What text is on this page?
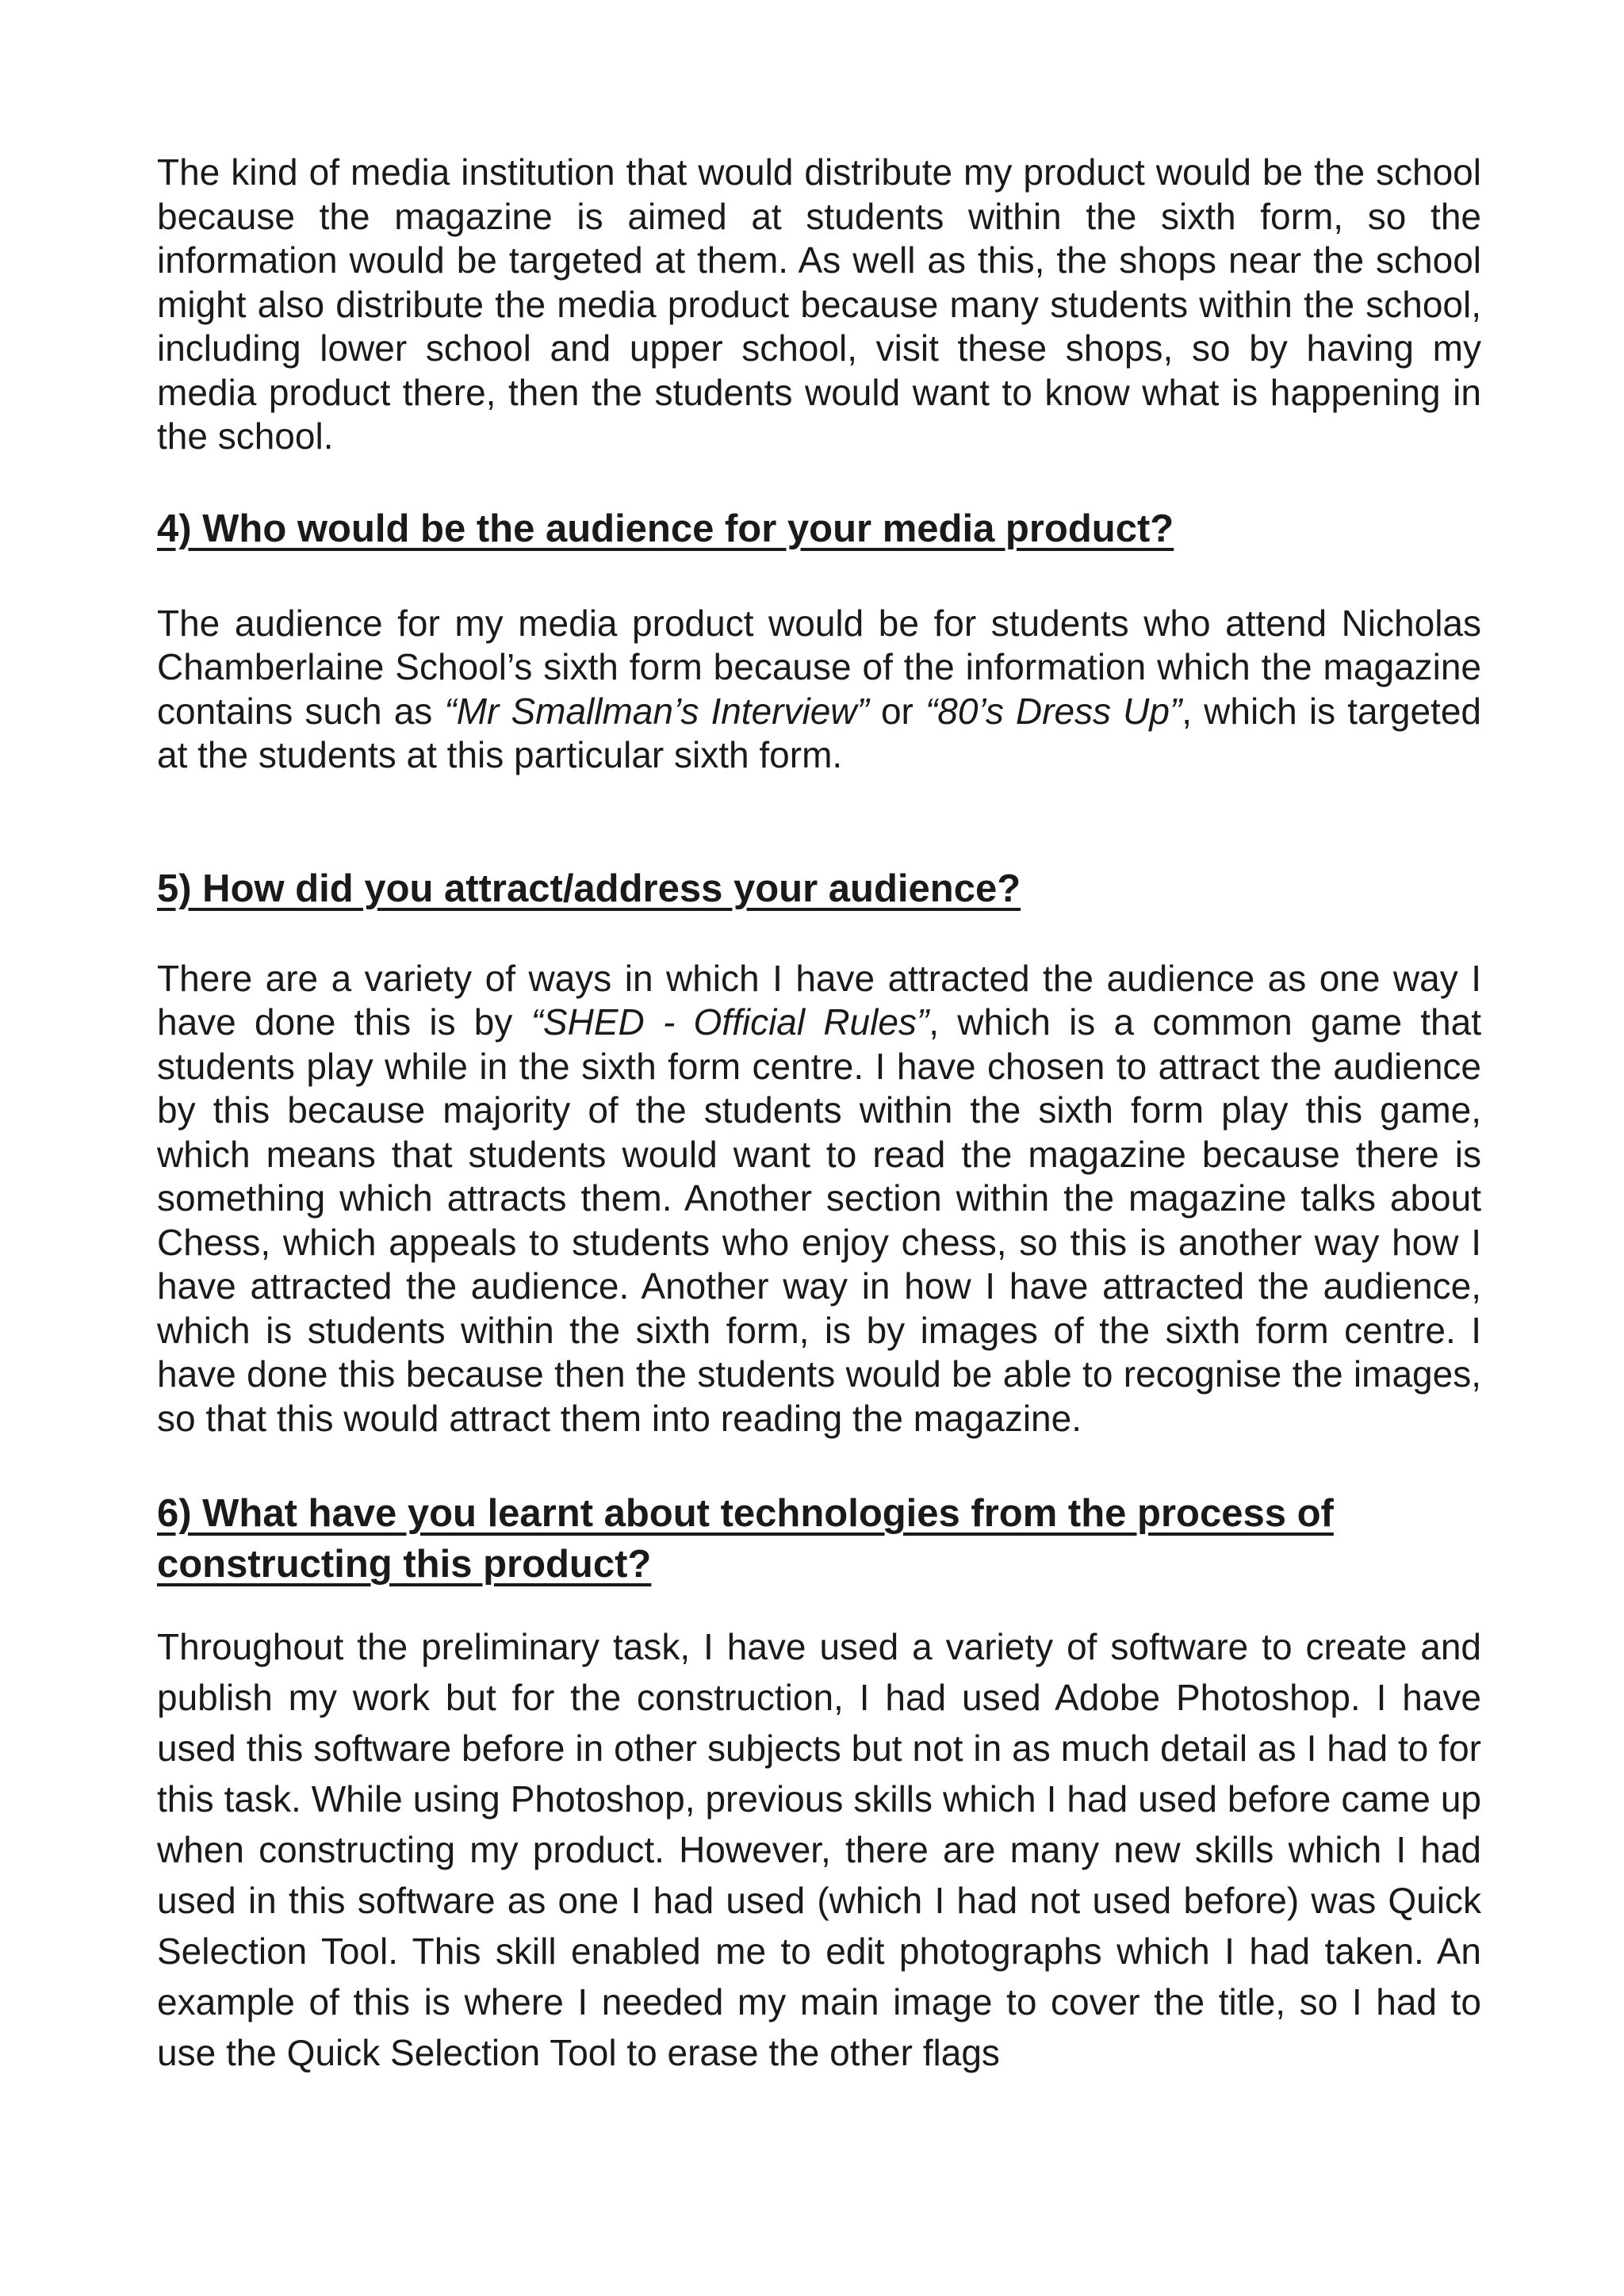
The kind of media institution that would distribute my product would be the school because the magazine is aimed at students within the sixth form, so the information would be targeted at them. As well as this, the shops near the school might also distribute the media product because many students within the school, including lower school and upper school, visit these shops, so by having my media product there, then the students would want to know what is happening in the school.

4) Who would be the audience for your media product?

The audience for my media product would be for students who attend Nicholas Chamberlaine School’s sixth form because of the information which the magazine contains such as “Mr Smallman’s Interview” or “80’s Dress Up”, which is targeted at the students at this particular sixth form.

5) How did you attract/address your audience?

There are a variety of ways in which I have attracted the audience as one way I have done this is by “SHED - Official Rules”, which is a common game that students play while in the sixth form centre. I have chosen to attract the audience by this because majority of the students within the sixth form play this game, which means that students would want to read the magazine because there is something which attracts them. Another section within the magazine talks about Chess, which appeals to students who enjoy chess, so this is another way how I have attracted the audience. Another way in how I have attracted the audience, which is students within the sixth form, is by images of the sixth form centre. I have done this because then the students would be able to recognise the images, so that this would attract them into reading the magazine.

6) What have you learnt about technologies from the process of constructing this product?

Throughout the preliminary task, I have used a variety of software to create and publish my work but for the construction, I had used Adobe Photoshop. I have used this software before in other subjects but not in as much detail as I had to for this task. While using Photoshop, previous skills which I had used before came up when constructing my product. However, there are many new skills which I had used in this software as one I had used (which I had not used before) was Quick Selection Tool. This skill enabled me to edit photographs which I had taken. An example of this is where I needed my main image to cover the title, so I had to use the Quick Selection Tool to erase the other flags
